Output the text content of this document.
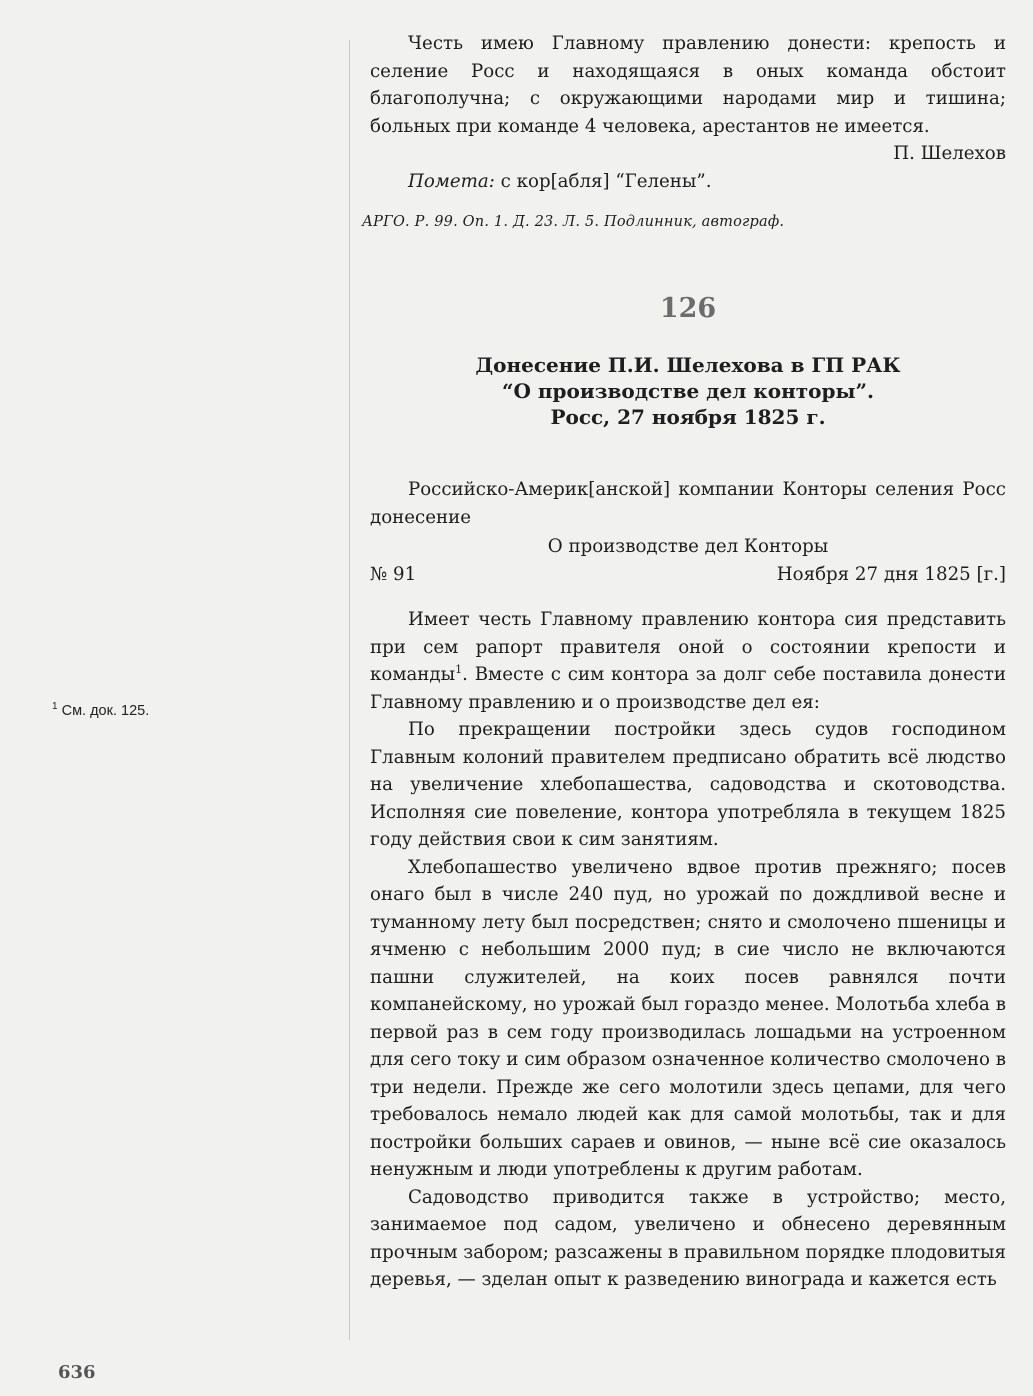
Честь имею Главному правлению донести: крепость и селение Росс и находящаяся в оных команда обстоит благополучна; с окружающими народами мир и тишина; больных при команде 4 человека, арестантов не имеется.

П. Шелехов

Помета: с кор[абля] “Гелены”.

АРГО. Р. 99. Оп. 1. Д. 23. Л. 5. Подлинник, автограф.

126
Донесение П.И. Шелехова в ГП РАК
“О производстве дел конторы”.
Росс, 27 ноября 1825 г.

Российско-Америк[анской] компании Конторы селения Росс донесение

О производстве дел Конторы

№ 91	Ноября 27 дня 1825 [г.]

Имеет честь Главному правлению контора сия представить при сем рапорт правителя оной о состоянии крепости и команды$^1$. Вместе с сим контора за долг себе поставила донести Главному правлению и о производстве дел ея:

По прекращении постройки здесь судов господином Главным колоний правителем предписано обратить всё людство на увеличение хлебопашества, садоводства и скотоводства. Исполняя сие повеление, контора употребляла в текущем 1825 году действия свои к сим занятиям.

Хлебопашество увеличено вдвое против прежняго; посев онаго был в числе 240 пуд, но урожай по дождливой весне и туманному лету был посредствен; снято и смолочено пшеницы и ячменю с небольшим 2000 пуд; в сие число не включаются пашни служителей, на коих посев равнялся почти компанейскому, но урожай был гораздо менее. Молотьба хлеба в первой раз в сем году производилась лошадьми на устроенном для сего току и сим образом означенное количество смолочено в три недели. Прежде же сего молотили здесь цепами, для чего требовалось немало людей как для самой молотьбы, так и для постройки больших сараев и овинов, — ныне всё сие оказалось ненужным и люди употреблены к другим работам.

Садоводство приводится также в устройство; место, занимаемое под садом, увеличено и обнесено деревянным прочным забором; разсажены в правильном порядке плодовитыя деревья, — зделан опыт к разведению винограда и кажется есть

$^1$ См. док. 125.
636
